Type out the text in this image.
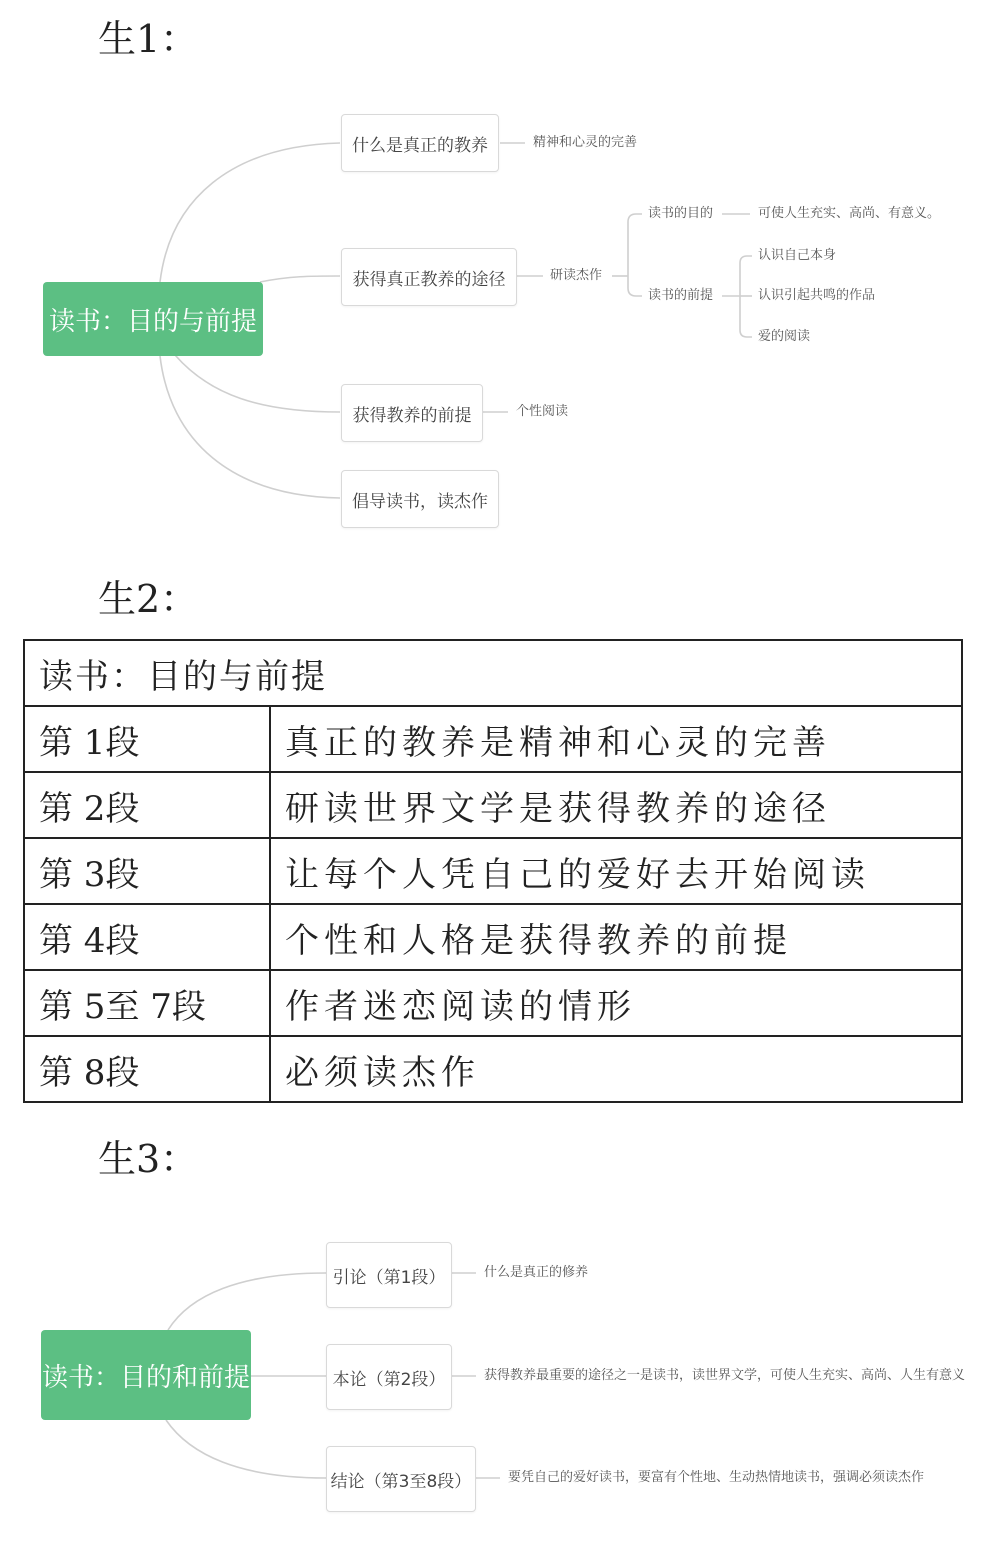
生1：
读书：目的与前提
什么是真正的教养	精神和心灵的完善
获得真正教养的途径	研读杰作
读书的目的	可使人生充实、高尚、有意义。
读书的前提
认识自己本身
认识引起共鸣的作品
爱的阅读
获得教养的前提	个性阅读
倡导读书，读杰作
生2：
读书：目的与前提	
第 1段	真正的教养是精神和心灵的完善
第 2段	研读世界文学是获得教养的途径
第 3段	让每个人凭自己的爱好去开始阅读
第 4段	个性和人格是获得教养的前提
第 5至 7段	作者迷恋阅读的情形
第 8段	必须读杰作
生3：
读书：目的和前提
引论（第1段）	什么是真正的修养
本论（第2段）	获得教养最重要的途径之一是读书，读世界文学，可使人生充实、高尚、人生有意义
结论（第3至8段）	要凭自己的爱好读书，要富有个性地、生动热情地读书，强调必须读杰作
